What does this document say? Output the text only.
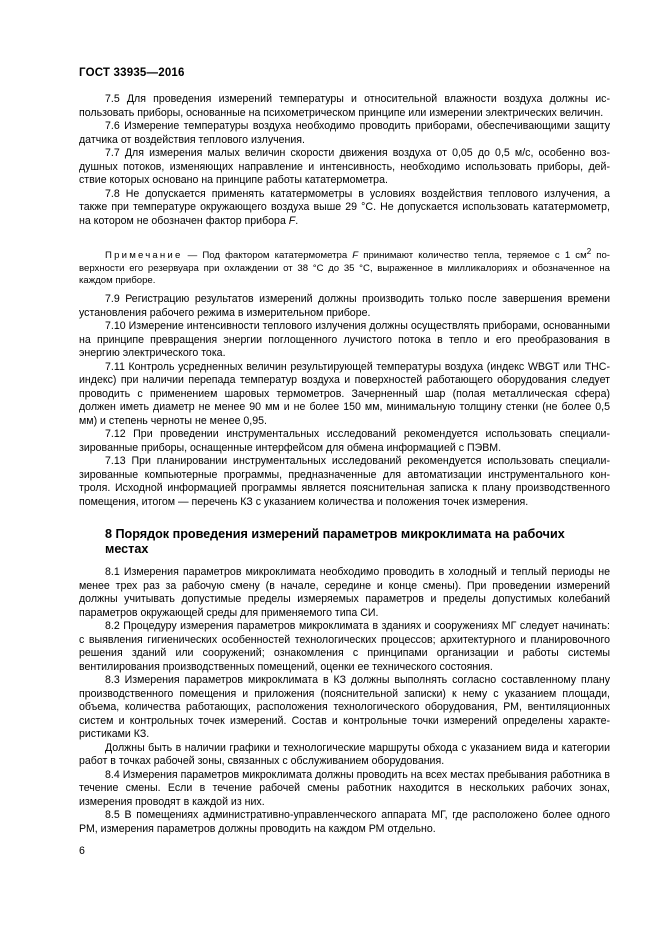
ГОСТ 33935—2016

7.5 Для проведения измерений температуры и относительной влажности воздуха должны использовать приборы, основанные на психометрическом принципе или измерении электрических величин.

7.6 Измерение температуры воздуха необходимо проводить приборами, обеспечивающими защиту датчика от воздействия теплового излучения.

7.7 Для измерения малых величин скорости движения воздуха от 0,05 до 0,5 м/с, особенно воздушных потоков, изменяющих направление и интенсивность, необходимо использовать приборы, действие которых основано на принципе работы кататермометра.

7.8 Не допускается применять кататермометры в условиях воздействия теплового излучения, а также при температуре окружающего воздуха выше 29 °С. Не допускается использовать кататермометр, на котором не обозначен фактор прибора F.

Примечание — Под фактором кататермометра F принимают количество тепла, теряемое с 1 $см^2$ поверхности его резервуара при охлаждении от 38 °С до 35 °С, выраженное в милликалориях и обозначенное на каждом приборе.

7.9 Регистрацию результатов измерений должны производить только после завершения времени установления рабочего режима в измерительном приборе.

7.10 Измерение интенсивности теплового излучения должны осуществлять приборами, основанными на принципе превращения энергии поглощенного лучистого потока в тепло и его преобразования в энергию электрического тока.

7.11 Контроль усредненных величин результирующей температуры воздуха (индекс WBGT или ТНС-индекс) при наличии перепада температур воздуха и поверхностей работающего оборудования следует проводить с применением шаровых термометров. Зачерненный шар (полая металлическая сфера) должен иметь диаметр не менее 90 мм и не более 150 мм, минимальную толщину стенки (не более 0,5 мм) и степень черноты не менее 0,95.

7.12 При проведении инструментальных исследований рекомендуется использовать специализированные приборы, оснащенные интерфейсом для обмена информацией с ПЭВМ.

7.13 При планировании инструментальных исследований рекомендуется использовать специализированные компьютерные программы, предназначенные для автоматизации инструментального контроля. Исходной информацией программы является пояснительная записка к плану производственного помещения, итогом — перечень КЗ с указанием количества и положения точек измерения.

8 Порядок проведения измерений параметров микроклимата на рабочих местах

8.1 Измерения параметров микроклимата необходимо проводить в холодный и теплый периоды не менее трех раз за рабочую смену (в начале, середине и конце смены). При проведении измерений должны учитывать допустимые пределы измеряемых параметров и пределы допустимых колебаний параметров окружающей среды для применяемого типа СИ.

8.2 Процедуру измерения параметров микроклимата в зданиях и сооружениях МГ следует начинать: с выявления гигиенических особенностей технологических процессов; архитектурного и планировочного решения зданий или сооружений; ознакомления с принципами организации и работы системы вентилирования производственных помещений, оценки ее технического состояния.

8.3 Измерения параметров микроклимата в КЗ должны выполнять согласно составленному плану производственного помещения и приложения (пояснительной записки) к нему с указанием площади, объема, количества работающих, расположения технологического оборудования, РМ, вентиляционных систем и контрольных точек измерений. Состав и контрольные точки измерений определены характеристиками КЗ.

Должны быть в наличии графики и технологические маршруты обхода с указанием вида и категории работ в точках рабочей зоны, связанных с обслуживанием оборудования.

8.4 Измерения параметров микроклимата должны проводить на всех местах пребывания работника в течение смены. Если в течение рабочей смены работник находится в нескольких рабочих зонах, измерения проводят в каждой из них.

8.5 В помещениях административно-управленческого аппарата МГ, где расположено более одного РМ, измерения параметров должны проводить на каждом РМ отдельно.

6
